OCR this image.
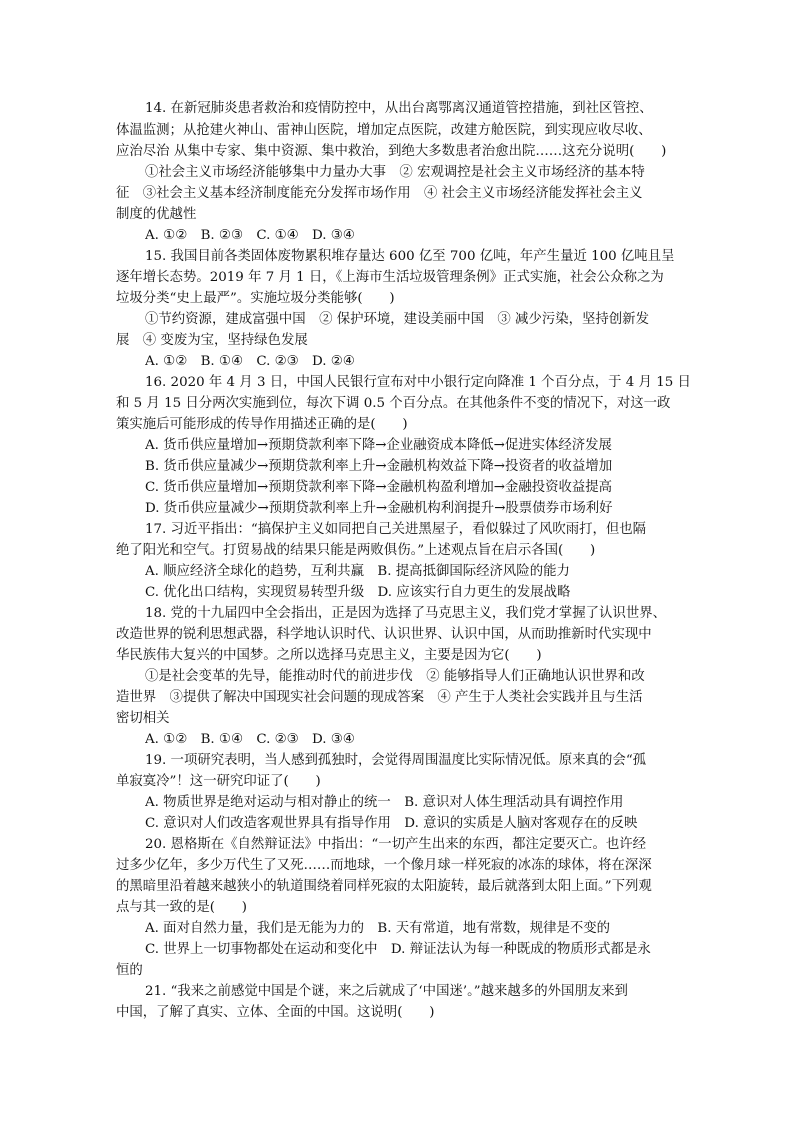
14. 在新冠肺炎患者救治和疫情防控中，从出台离鄂离汉通道管控措施，到社区管控、
体温监测；从抢建火神山、雷神山医院，增加定点医院，改建方舱医院，到实现应收尽收、
应治尽治 从集中专家、集中资源、集中救治，到绝大多数患者治愈出院……这充分说明(　　)
①社会主义市场经济能够集中力量办大事　② 宏观调控是社会主义市场经济的基本特
征　③社会主义基本经济制度能充分发挥市场作用　④ 社会主义市场经济能发挥社会主义
制度的优越性
A. ①②　B. ②③　C. ①④　D. ③④
15. 我国目前各类固体废物累积堆存量达 600 亿至 700 亿吨，年产生量近 100 亿吨且呈
逐年增长态势。2019 年 7 月 1 日，《上海市生活垃圾管理条例》正式实施，社会公众称之为
垃圾分类“史上最严”。实施垃圾分类能够(　　)
①节约资源，建成富强中国　② 保护环境，建设美丽中国　③ 减少污染，坚持创新发
展　④ 变废为宝，坚持绿色发展
A. ①②　B. ①④　C. ②③　D. ②④
16. 2020 年 4 月 3 日，中国人民银行宣布对中小银行定向降准 1 个百分点，于 4 月 15 日
和 5 月 15 日分两次实施到位，每次下调 0.5 个百分点。在其他条件不变的情况下，对这一政
策实施后可能形成的传导作用描述正确的是(　　)
A. 货币供应量增加→预期贷款利率下降→企业融资成本降低→促进实体经济发展
B. 货币供应量减少→预期贷款利率上升→金融机构效益下降→投资者的收益增加
C. 货币供应量增加→预期贷款利率下降→金融机构盈利增加→金融投资收益提高
D. 货币供应量减少→预期贷款利率上升→金融机构利润提升→股票债券市场利好
17. 习近平指出：“搞保护主义如同把自己关进黑屋子，看似躲过了风吹雨打，但也隔
绝了阳光和空气。打贸易战的结果只能是两败俱伤。”上述观点旨在启示各国(　　)
A. 顺应经济全球化的趋势，互利共赢　B. 提高抵御国际经济风险的能力
C. 优化出口结构，实现贸易转型升级　D. 应该实行自力更生的发展战略
18. 党的十九届四中全会指出，正是因为选择了马克思主义，我们党才掌握了认识世界、
改造世界的锐利思想武器，科学地认识时代、认识世界、认识中国，从而助推新时代实现中
华民族伟大复兴的中国梦。之所以选择马克思主义，主要是因为它(　　)
①是社会变革的先导，能推动时代的前进步伐　② 能够指导人们正确地认识世界和改
造世界　③提供了解决中国现实社会问题的现成答案　④ 产生于人类社会实践并且与生活
密切相关
A. ①②　B. ①④　C. ②③　D. ③④
19. 一项研究表明，当人感到孤独时，会觉得周围温度比实际情况低。原来真的会“孤
单寂寞冷”！这一研究印证了(　　)
A. 物质世界是绝对运动与相对静止的统一　B. 意识对人体生理活动具有调控作用
C. 意识对人们改造客观世界具有指导作用　D. 意识的实质是人脑对客观存在的反映
20. 恩格斯在《自然辩证法》中指出：“一切产生出来的东西，都注定要灭亡。也许经
过多少亿年，多少万代生了又死……而地球，一个像月球一样死寂的冰冻的球体，将在深深
的黑暗里沿着越来越狭小的轨道围绕着同样死寂的太阳旋转，最后就落到太阳上面。”下列观
点与其一致的是(　　)
A. 面对自然力量，我们是无能为力的　B. 天有常道，地有常数，规律是不变的
C. 世界上一切事物都处在运动和变化中　D. 辩证法认为每一种既成的物质形式都是永
恒的
21. “我来之前感觉中国是个谜，来之后就成了‘中国迷’。”越来越多的外国朋友来到
中国，了解了真实、立体、全面的中国。这说明(　　)
